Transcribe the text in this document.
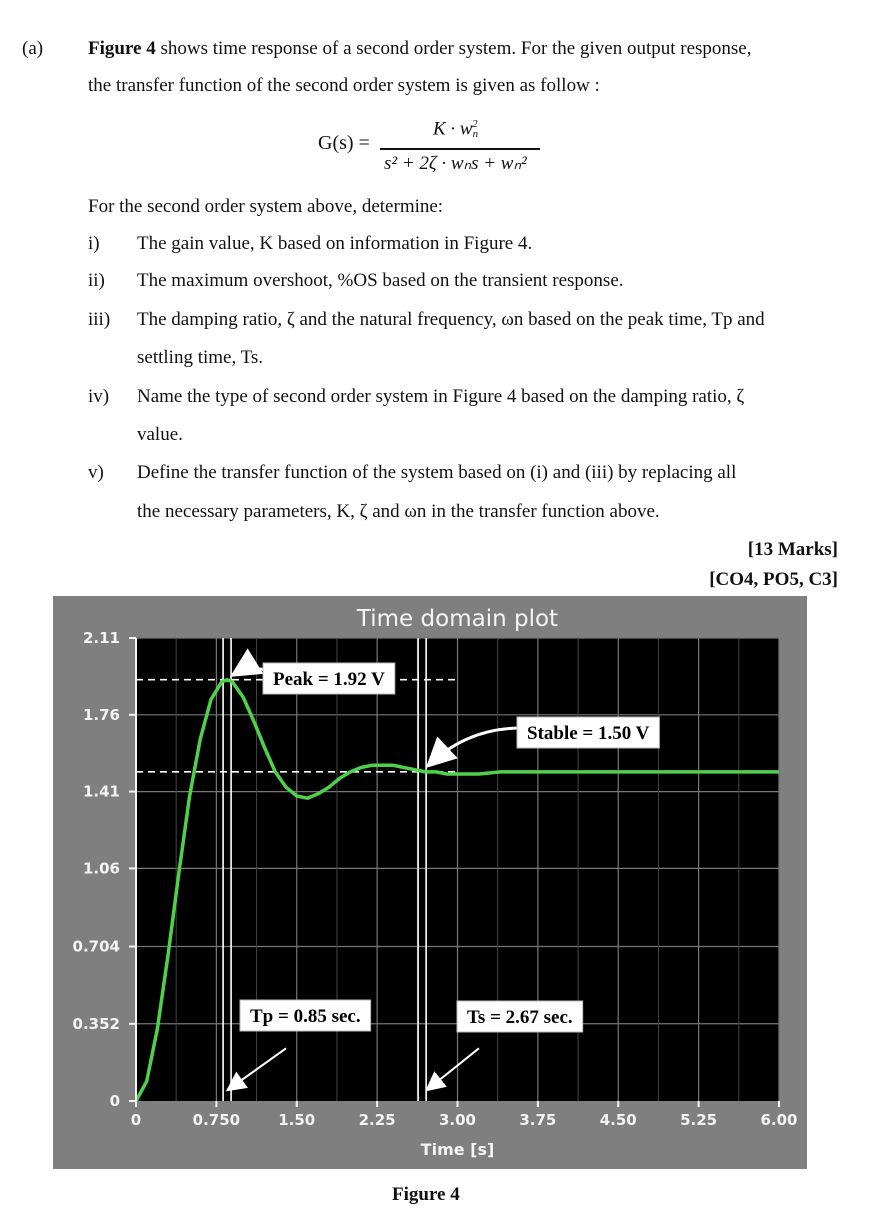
(a) Figure 4 shows time response of a second order system. For the given output response,
the transfer function of the second order system is given as follow :
G(s) =
$K \cdot w_n^2$
s² + 2ζ · wₙs + wₙ²
For the second order system above, determine:
i) The gain value, K based on information in Figure 4.
ii) The maximum overshoot, %OS based on the transient response.
iii) The damping ratio, ζ and the natural frequency, ωn based on the peak time, Tp and
settling time, Ts.
iv) Name the type of second order system in Figure 4 based on the damping ratio, ζ
value.
v) Define the transfer function of the system based on (i) and (iii) by replacing all
the necessary parameters, K, ζ and ωn in the transfer function above.
[13 Marks]
[CO4, PO5, C3]
0
0.352
0.704
1.06
1.41
1.76
2.11
0	0.750	1.50	2.25	3.00	3.75	4.50	5.25	6.00
Time domain plot
Time [s]
Peak = 1.92 V
Stable = 1.50 V
Tp = 0.85 sec.	Ts = 2.67 sec.
Figure 4
